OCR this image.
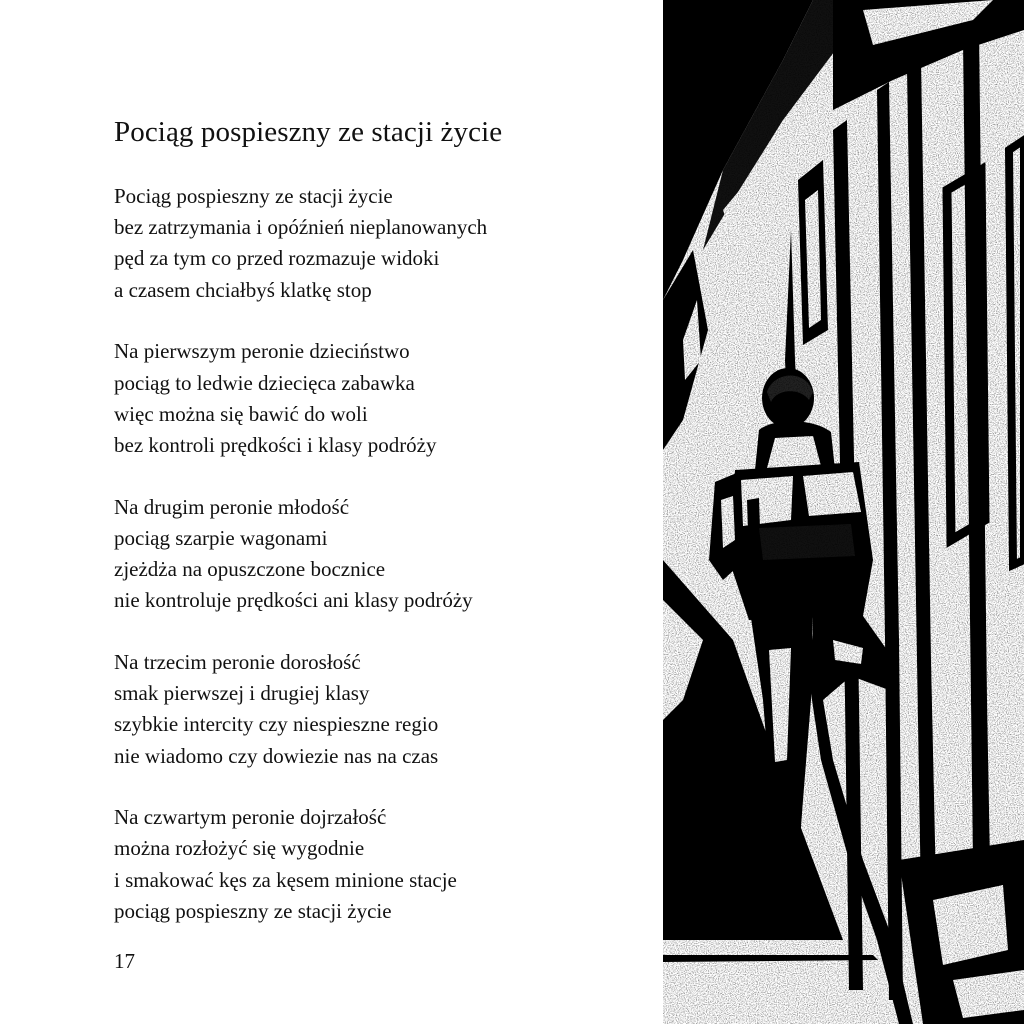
Pociąg pospieszny ze stacji życie
Pociąg pospieszny ze stacji życie
bez zatrzymania i opóźnień nieplanowanych
pęd za tym co przed rozmazuje widoki
a czasem chciałbyś klatkę stop
Na pierwszym peronie dzieciństwo
pociąg to ledwie dziecięca zabawka
więc można się bawić do woli
bez kontroli prędkości i klasy podróży
Na drugim peronie młodość
pociąg szarpie wagonami
zjeżdża na opuszczone bocznice
nie kontroluje prędkości ani klasy podróży
Na trzecim peronie dorosłość
smak pierwszej i drugiej klasy
szybkie intercity czy niespieszne regio
nie wiadomo czy dowiezie nas na czas
Na czwartym peronie dojrzałość
można rozłożyć się wygodnie
i smakować kęs za kęsem minione stacje
pociąg pospieszny ze stacji życie
17
